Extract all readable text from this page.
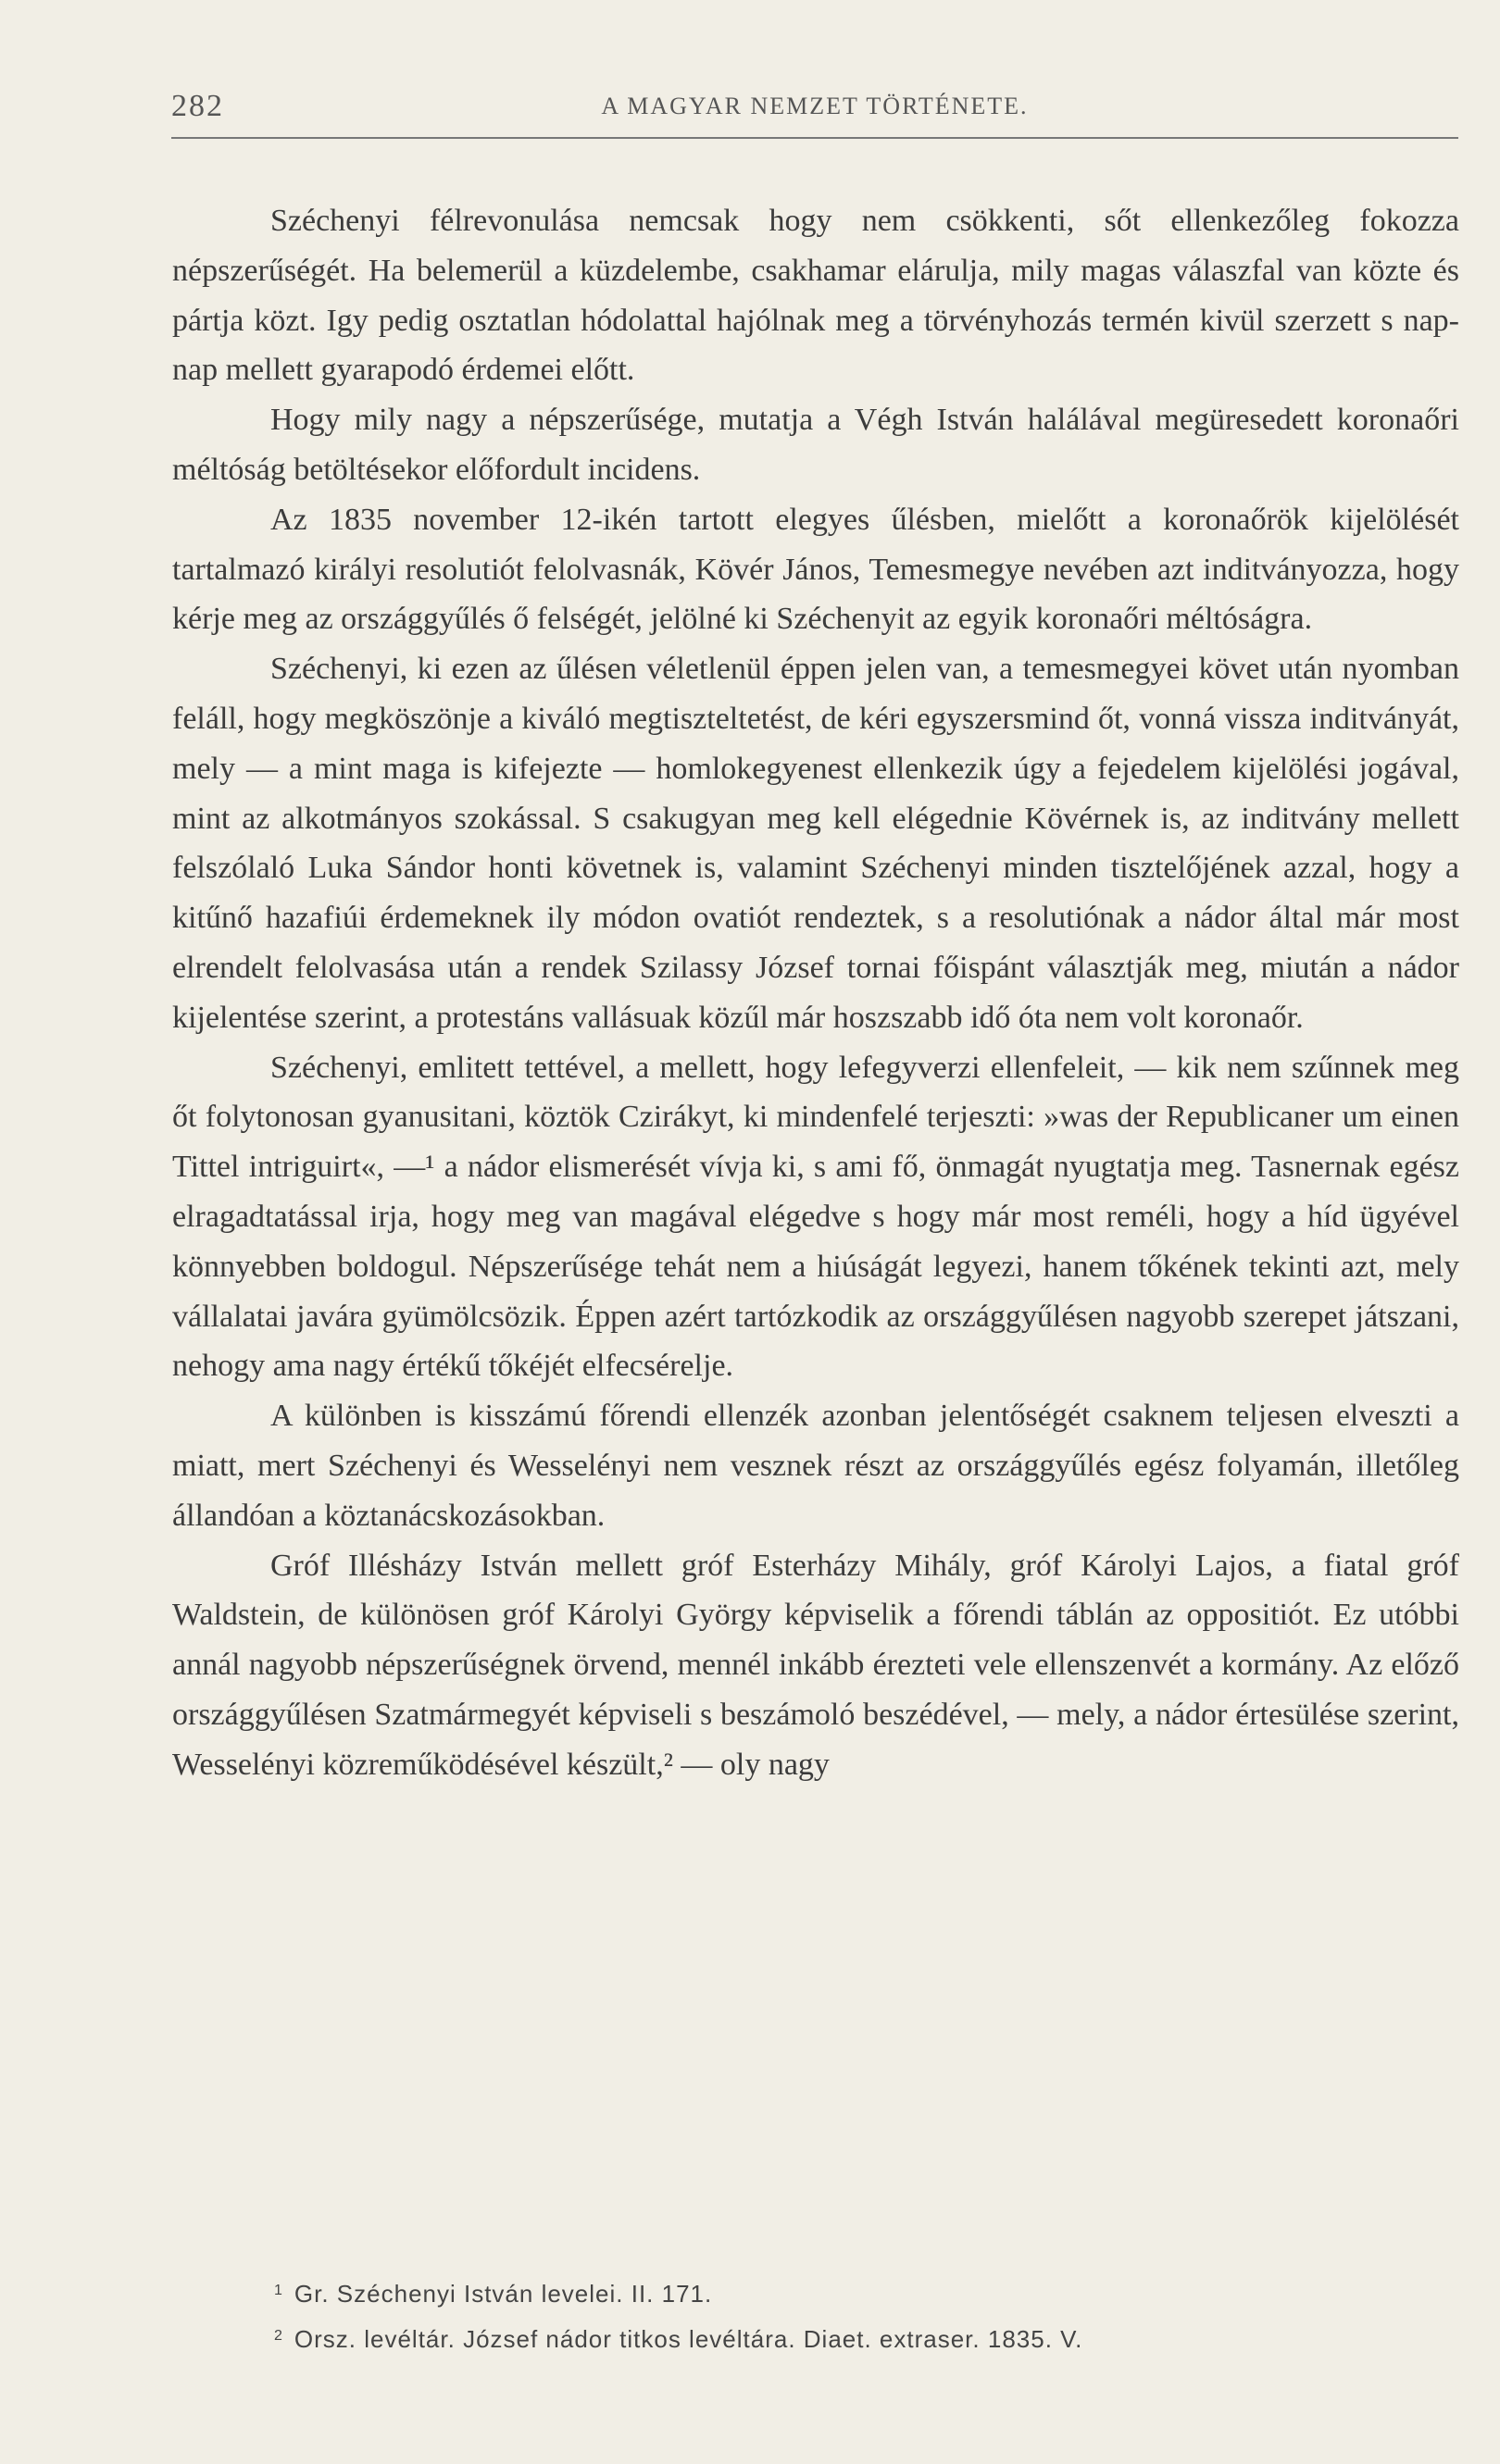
282	A MAGYAR NEMZET TÖRTÉNETE.

Széchenyi félrevonulása nemcsak hogy nem csökkenti, sőt ellenkezőleg fokozza népszerűségét. Ha belemerül a küzdelembe, csakhamar elárulja, mily magas válaszfal van közte és pártja közt. Igy pedig osztatlan hódolattal hajólnak meg a törvényhozás termén kivül szerzett s nap-nap mellett gyarapodó érdemei előtt.

Hogy mily nagy a népszerűsége, mutatja a Végh István halálával megüresedett koronaőri méltóság betöltésekor előfordult incidens.

Az 1835 november 12-ikén tartott elegyes űlésben, mielőtt a koronaőrök kijelölését tartalmazó királyi resolutiót felolvasnák, Kövér János, Temesmegye nevében azt inditványozza, hogy kérje meg az országgyűlés ő felségét, jelölné ki Széchenyit az egyik koronaőri méltóságra.

Széchenyi, ki ezen az űlésen véletlenül éppen jelen van, a temesmegyei követ után nyomban feláll, hogy megköszönje a kiváló megtiszteltetést, de kéri egyszersmind őt, vonná vissza inditványát, mely — a mint maga is kifejezte — homlokegyenest ellenkezik úgy a fejedelem kijelölési jogával, mint az alkotmányos szokással. S csakugyan meg kell elégednie Kövérnek is, az inditvány mellett felszólaló Luka Sándor honti követnek is, valamint Széchenyi minden tisztelőjének azzal, hogy a kitűnő hazafiúi érdemeknek ily módon ovatiót rendeztek, s a resolutiónak a nádor által már most elrendelt felolvasása után a rendek Szilassy József tornai főispánt választják meg, miután a nádor kijelentése szerint, a protestáns vallásuak közűl már hoszszabb idő óta nem volt koronaőr.

Széchenyi, emlitett tettével, a mellett, hogy lefegyverzi ellenfeleit, — kik nem szűnnek meg őt folytonosan gyanusitani, köztök Czirákyt, ki mindenfelé terjeszti: »was der Republicaner um einen Tittel intriguirt«, —¹ a nádor elismerését vívja ki, s ami fő, önmagát nyugtatja meg. Tasnernak egész elragadtatással irja, hogy meg van magával elégedve s hogy már most reméli, hogy a híd ügyével könnyebben boldogul. Népszerűsége tehát nem a hiúságát legyezi, hanem tőkének tekinti azt, mely vállalatai javára gyümölcsözik. Éppen azért tartózkodik az országgyűlésen nagyobb szerepet játszani, nehogy ama nagy értékű tőkéjét elfecsérelje.

A különben is kisszámú főrendi ellenzék azonban jelentőségét csaknem teljesen elveszti a miatt, mert Széchenyi és Wesselényi nem vesznek részt az országgyűlés egész folyamán, illetőleg állandóan a köztanácskozásokban.

Gróf Illésházy István mellett gróf Esterházy Mihály, gróf Károlyi Lajos, a fiatal gróf Waldstein, de különösen gróf Károlyi György képviselik a főrendi táblán az oppositiót. Ez utóbbi annál nagyobb népszerűségnek örvend, mennél inkább érezteti vele ellenszenvét a kormány. Az előző országgyűlésen Szatmármegyét képviseli s beszámoló beszédével, — mely, a nádor értesülése szerint, Wesselényi közreműködésével készült,² — oly nagy

$^1$ Gr. Széchenyi István levelei. II. 171.

$^2$ Orsz. levéltár. József nádor titkos levéltára. Diaet. extraser. 1835. V.
